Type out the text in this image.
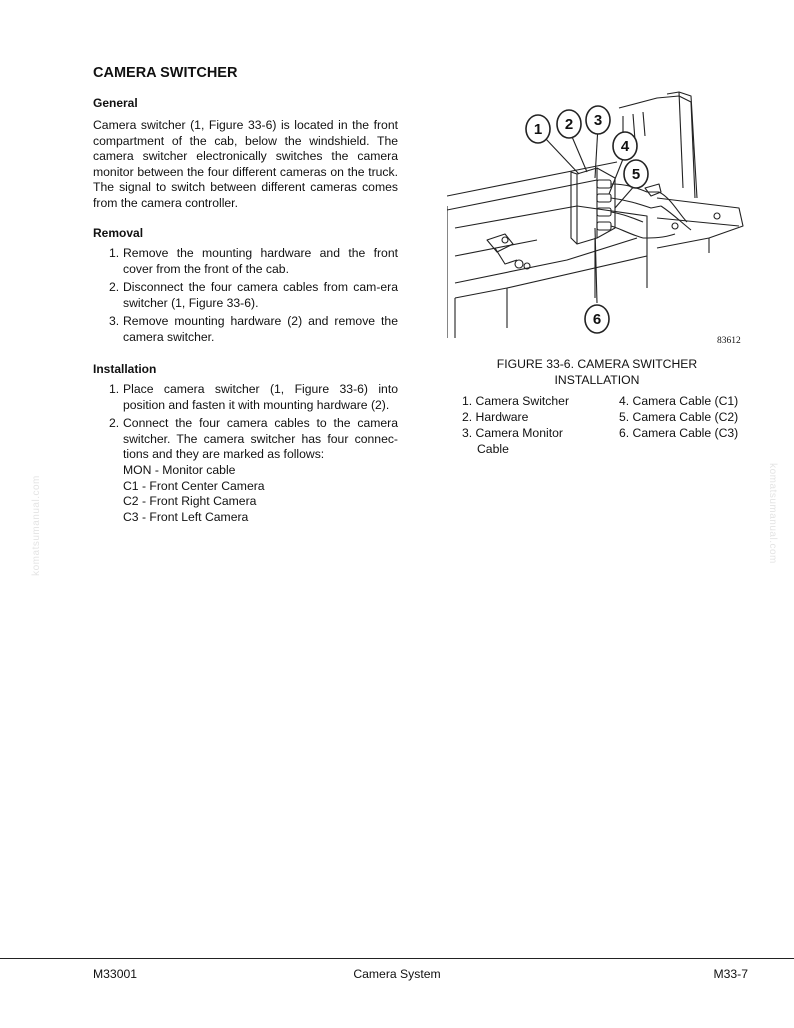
CAMERA SWITCHER
General
Camera switcher (1, Figure 33-6) is located in the front compartment of the cab, below the windshield. The camera switcher electronically switches the camera monitor between the four different cameras on the truck. The signal to switch between different cameras comes from the camera controller.
Removal
1. Remove the mounting hardware and the front cover from the front of the cab.
2. Disconnect the four camera cables from cam-era switcher (1, Figure 33-6).
3. Remove mounting hardware (2) and remove the camera switcher.
Installation
1. Place camera switcher (1, Figure 33-6) into position and fasten it with mounting hardware (2).
2. Connect the four camera cables to the camera switcher. The camera switcher has four connec-tions and they are marked as follows:
MON - Monitor cable
C1 - Front Center Camera
C2 - Front Right Camera
C3 - Front Left Camera
1 2 3
4
5
6
83612
FIGURE 33-6. CAMERA SWITCHER
INSTALLATION
1. Camera Switcher
2. Hardware
3. Camera Monitor
Cable
4. Camera Cable (C1)
5. Camera Cable (C2)
6. Camera Cable (C3)
komatsumanual.com	komatsumanual.com
M33001	Camera System	M33-7
